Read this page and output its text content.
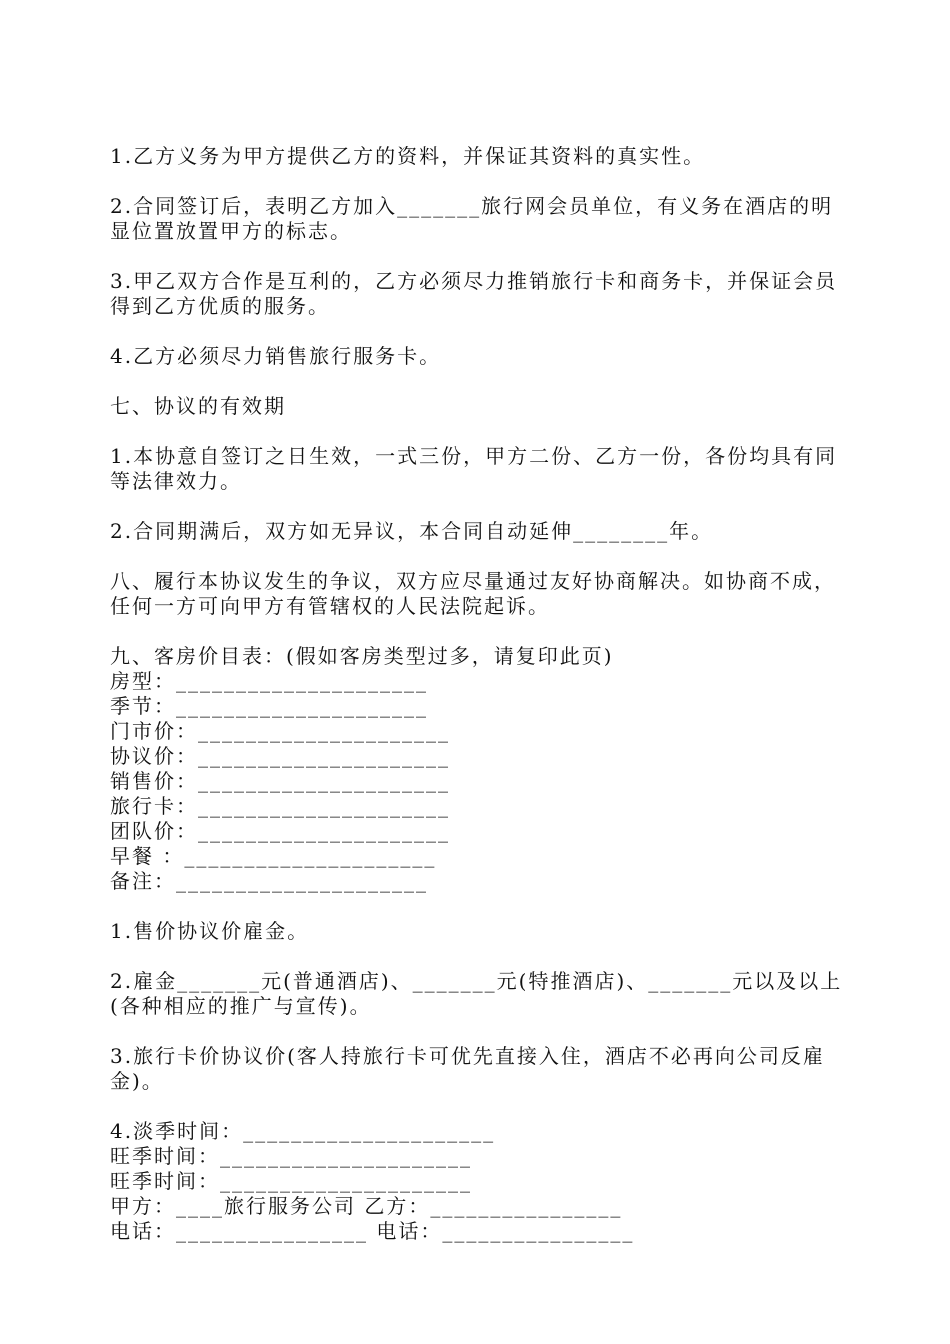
1.乙方义务为甲方提供乙方的资料，并保证其资料的真实性。

2.合同签订后，表明乙方加入_______旅行网会员单位，有义务在酒店的明显位置放置甲方的标志。

3.甲乙双方合作是互利的，乙方必须尽力推销旅行卡和商务卡，并保证会员得到乙方优质的服务。

4.乙方必须尽力销售旅行服务卡。

七、协议的有效期

1.本协意自签订之日生效，一式三份，甲方二份、乙方一份，各份均具有同等法律效力。

2.合同期满后，双方如无异议，本合同自动延伸________年。

八、履行本协议发生的争议，双方应尽量通过友好协商解决。如协商不成，任何一方可向甲方有管辖权的人民法院起诉。

九、客房价目表：(假如客房类型过多，请复印此页)

房型：_____________________
季节：_____________________
门市价：_____________________
协议价：_____________________
销售价：_____________________
旅行卡：_____________________
团队价：_____________________
早餐 ：_____________________
备注：_____________________

1.售价协议价雇金。

2.雇金_______元(普通酒店)、_______元(特推酒店)、_______元以及以上(各种相应的推广与宣传)。

3.旅行卡价协议价(客人持旅行卡可优先直接入住，酒店不必再向公司反雇金)。

4.淡季时间：_____________________
旺季时间：_____________________
旺季时间：_____________________
甲方：____旅行服务公司 乙方：________________
电话：________________ 电话：________________
